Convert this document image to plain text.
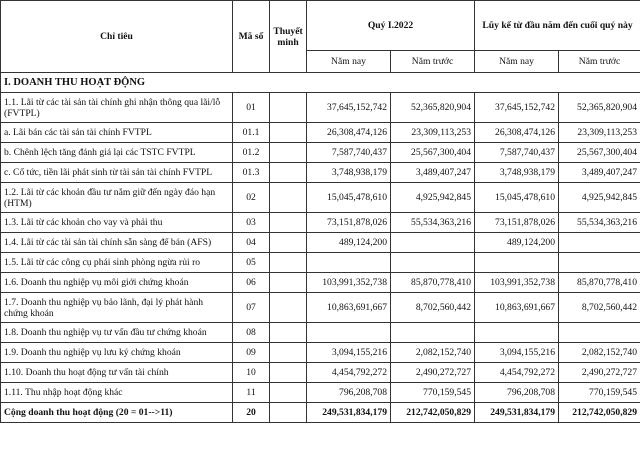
Chỉ tiêu	Mã số	Thuyết minh	Quý I.2022		Lũy kế từ đầu năm đến cuối quý này	
			Năm nay	Năm trước	Năm nay	Năm trước
I. DOANH THU HOẠT ĐỘNG						
1.1. Lãi từ các tài sản tài chính ghi nhận thông qua lãi/lỗ (FVTPL)	01		37,645,152,742	52,365,820,904	37,645,152,742	52,365,820,904
a. Lãi bán các tài sản tài chính FVTPL	01.1		26,308,474,126	23,309,113,253	26,308,474,126	23,309,113,253
b. Chênh lệch tăng đánh giá lại các TSTC FVTPL	01.2		7,587,740,437	25,567,300,404	7,587,740,437	25,567,300,404
c. Cổ tức, tiền lãi phát sinh từ tài sản tài chính FVTPL	01.3		3,748,938,179	3,489,407,247	3,748,938,179	3,489,407,247
1.2. Lãi từ các khoản đầu tư nắm giữ đến ngày đáo hạn (HTM)	02		15,045,478,610	4,925,942,845	15,045,478,610	4,925,942,845
1.3. Lãi từ các khoản cho vay và phải thu	03		73,151,878,026	55,534,363,216	73,151,878,026	55,534,363,216
1.4. Lãi từ các tài sản tài chính sẵn sàng để bán (AFS)	04		489,124,200		489,124,200	
1.5. Lãi từ các công cụ phái sinh phòng ngừa rủi ro	05					
1.6. Doanh thu nghiệp vụ môi giới chứng khoán	06		103,991,352,738	85,870,778,410	103,991,352,738	85,870,778,410
1.7. Doanh thu nghiệp vụ bảo lãnh, đại lý phát hành chứng khoán	07		10,863,691,667	8,702,560,442	10,863,691,667	8,702,560,442
1.8. Doanh thu nghiệp vụ tư vấn đầu tư chứng khoán	08					
1.9. Doanh thu nghiệp vụ lưu ký chứng khoán	09		3,094,155,216	2,082,152,740	3,094,155,216	2,082,152,740
1.10. Doanh thu hoạt động tư vấn tài chính	10		4,454,792,272	2,490,272,727	4,454,792,272	2,490,272,727
1.11. Thu nhập hoạt động khác	11		796,208,708	770,159,545	796,208,708	770,159,545
Cộng doanh thu hoạt động (20 = 01-->11)	20		249,531,834,179	212,742,050,829	249,531,834,179	212,742,050,829
